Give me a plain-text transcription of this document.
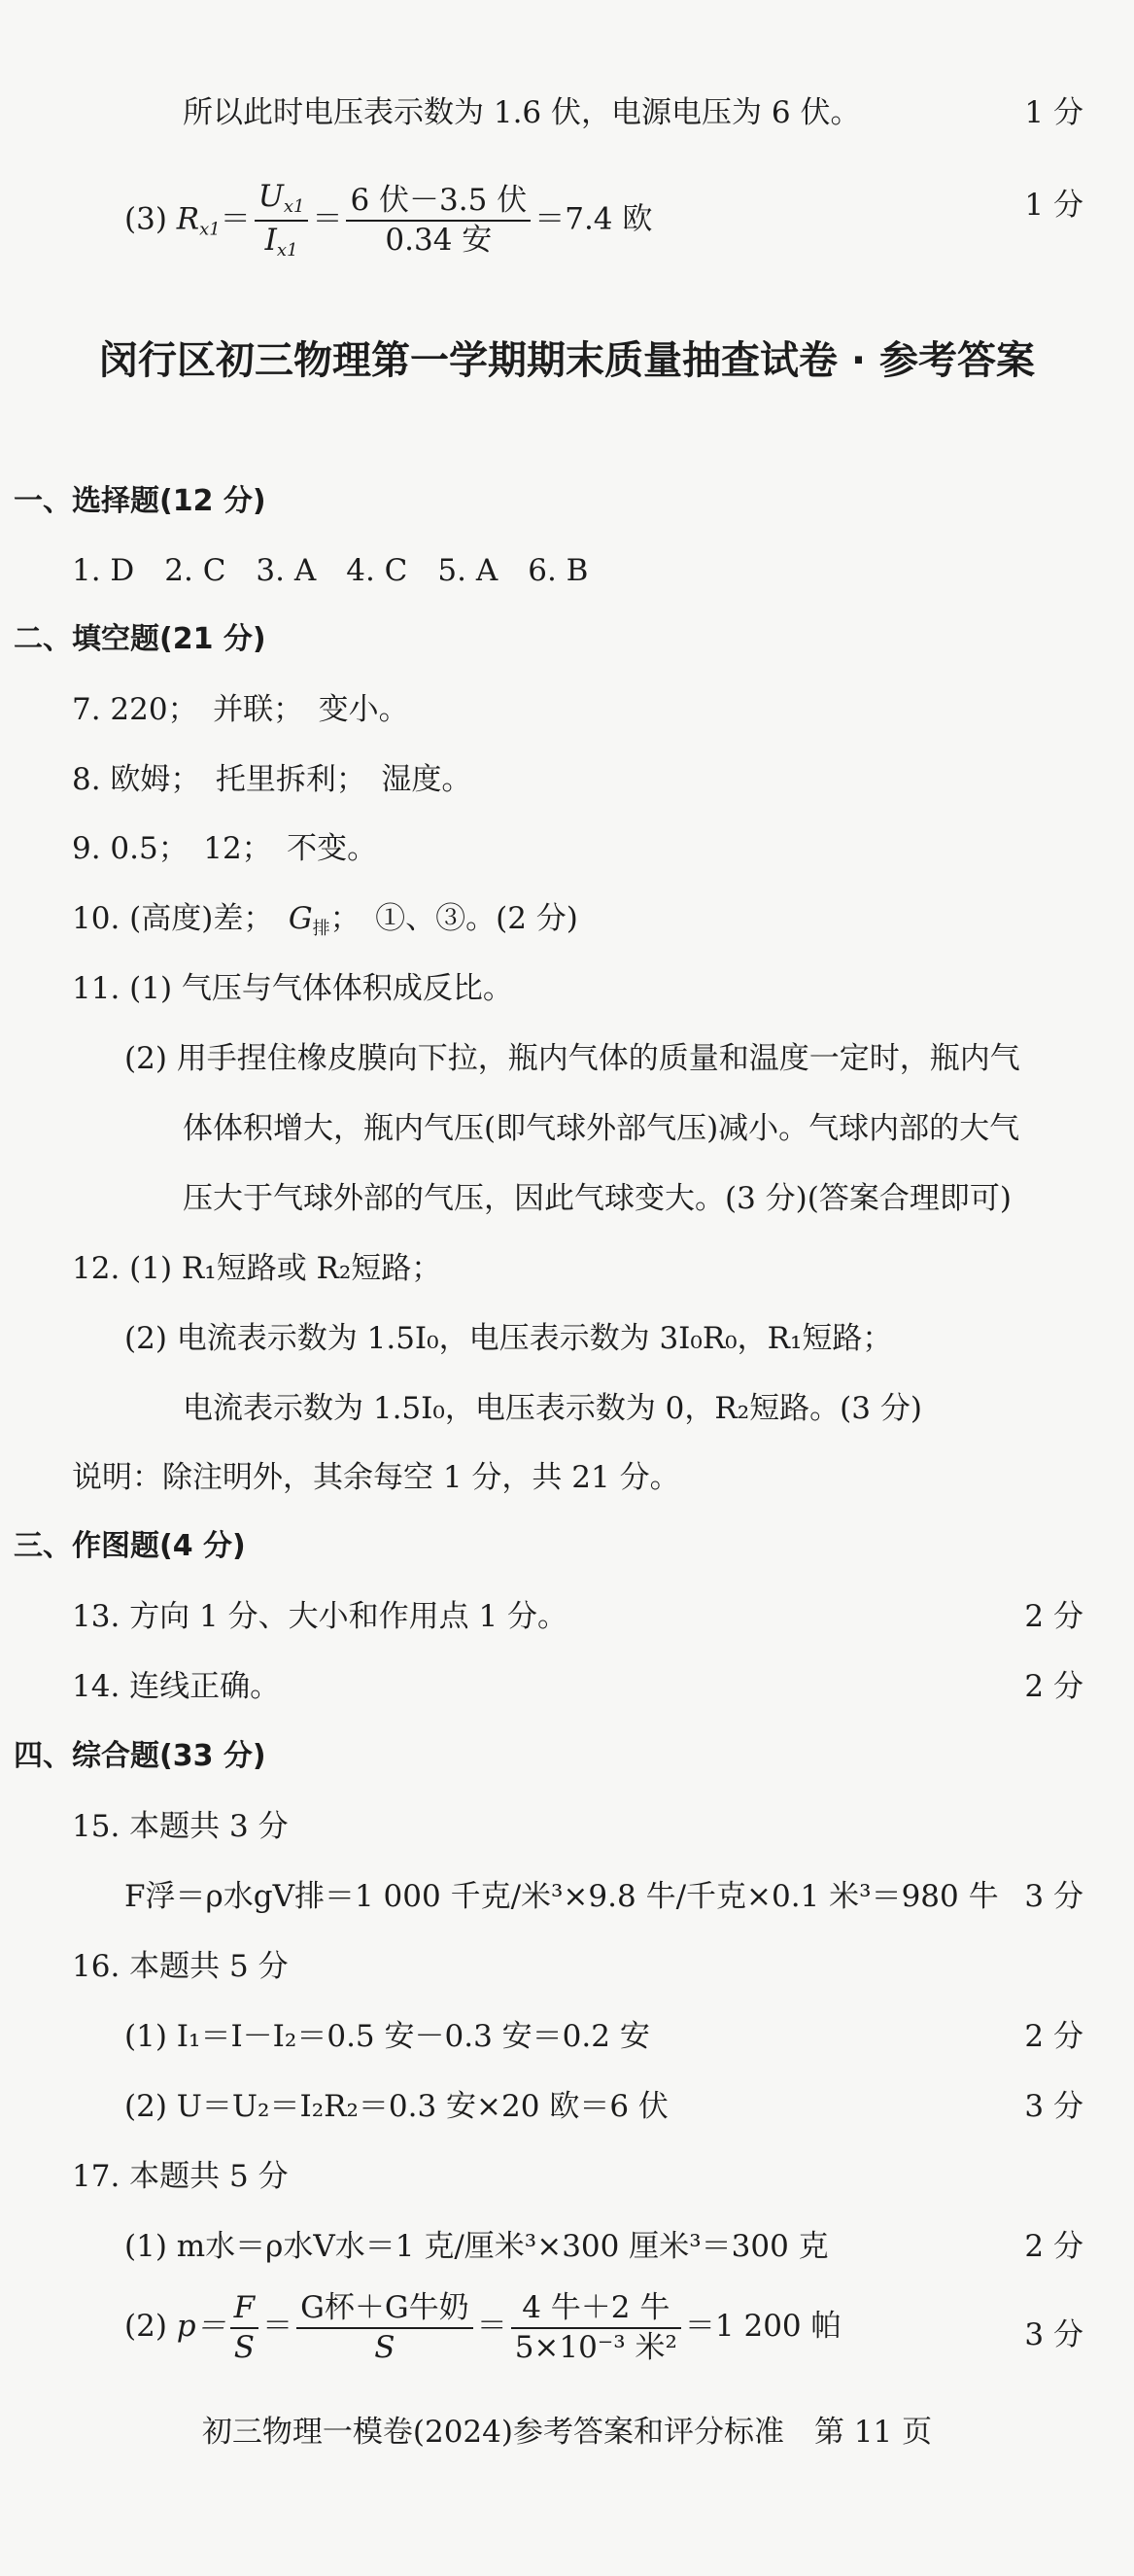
所以此时电压表示数为 1.6 伏，电源电压为 6 伏。	1 分
(3) $R_{x1}= \frac{U_{x1}}{I_{x1}} = \frac{\text{6 伏－3.5 伏}}{\text{0.34 安}} =7.4$ 欧	1 分
闵行区初三物理第一学期期末质量抽查试卷 · 参考答案
一、选择题(12 分)
1. D　2. C　3. A　4. C　5. A　6. B
二、填空题(21 分)
7. 220；　并联；　变小。
8. 欧姆；　托里拆利；　湿度。
9. 0.5；　12；　不变。
10. (高度)差；　$G_排$；　①、③。(2 分)
11. (1) 气压与气体体积成反比。
(2) 用手捏住橡皮膜向下拉，瓶内气体的质量和温度一定时，瓶内气
体体积增大，瓶内气压(即气球外部气压)减小。气球内部的大气
压大于气球外部的气压，因此气球变大。(3 分)(答案合理即可)
12. (1) R₁短路或 R₂短路；
(2) 电流表示数为 1.5I₀，电压表示数为 3I₀R₀，R₁短路；
电流表示数为 1.5I₀，电压表示数为 0，R₂短路。(3 分)
说明：除注明外，其余每空 1 分，共 21 分。
三、作图题(4 分)
13. 方向 1 分、大小和作用点 1 分。	2 分
14. 连线正确。	2 分
四、综合题(33 分)
15. 本题共 3 分
F浮＝ρ水gV排＝1 000 千克/米³×9.8 牛/千克×0.1 米³＝980 牛 3 分
16. 本题共 5 分
(1) I₁＝I－I₂＝0.5 安－0.3 安＝0.2 安	2 分
(2) U＝U₂＝I₂R₂＝0.3 安×20 欧＝6 伏	3 分
17. 本题共 5 分
(1) m水＝ρ水V水＝1 克/厘米³×300 厘米³＝300 克	2 分
(2) $p= \frac{F}{S} = \frac{\text{G杯＋G牛奶}}{S} = \frac{\text{4 牛＋2 牛}}{\text{5×10⁻³ 米²}} =1$ 200 帕	3 分
初三物理一模卷(2024)参考答案和评分标准　第 11 页
